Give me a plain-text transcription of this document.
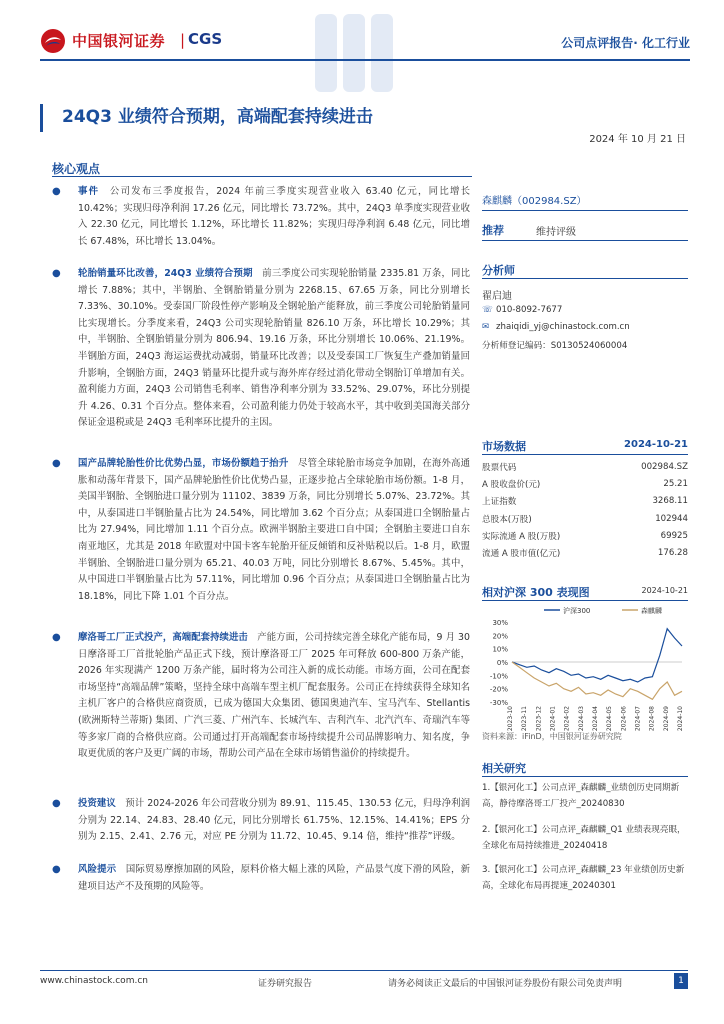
中国银河证券 | CGS	公司点评报告· 化工行业
24Q3 业绩符合预期，高端配套持续进击
2024 年 10 月 21 日
核心观点
●	事件　 公司发布三季度报告，2024 年前三季度实现营业收入 63.40 亿元，同比增长 10.42%；实现归母净利润 17.26 亿元，同比增长 73.72%。其中，24Q3 单季度实现营业收入 22.30 亿元，同比增长 1.12%，环比增长 11.82%；实现归母净利润 6.48 亿元，同比增长 67.48%，环比增长 13.04%。
●	轮胎销量环比改善，24Q3 业绩符合预期　 前三季度公司实现轮胎销量 2335.81 万条，同比增长 7.88%；其中，半钢胎、全钢胎销量分别为 2268.15、67.65 万条，同比分别增长 7.33%、30.10%。受泰国厂阶段性停产影响及全钢轮胎产能释放，前三季度公司轮胎销量同比实现增长。分季度来看，24Q3 公司实现轮胎销量 826.10 万条，环比增长 10.29%；其中，半钢胎、全钢胎销量分别为 806.94、19.16 万条，环比分别增长 10.06%、21.19%。半钢胎方面，24Q3 海运运费扰动减弱，销量环比改善；以及受泰国工厂恢复生产叠加销量回升影响，全钢胎方面，24Q3 销量环比提升或与海外库存经过消化带动全钢胎订单增加有关。盈利能力方面，24Q3 公司销售毛利率、销售净利率分别为 33.52%、29.07%，环比分别提升 4.26、0.31 个百分点。整体来看，公司盈利能力仍处于较高水平，其中收到美国海关部分保证金退税或是 24Q3 毛利率环比提升的主因。
●	国产品牌轮胎性价比优势凸显，市场份额趋于抬升　 尽管全球轮胎市场竞争加剧，在海外高通胀和动荡年背景下，国产品牌轮胎性价比优势凸显，正逐步抢占全球轮胎市场份额。1-8 月，美国半钢胎、全钢胎进口量分别为 11102、3839 万条，同比分别增长 5.07%、23.72%。其中，从泰国进口半钢胎量占比为 24.54%，同比增加 3.62 个百分点；从泰国进口全钢胎量占比为 27.94%，同比增加 1.11 个百分点。欧洲半钢胎主要进口自中国；全钢胎主要进口自东南亚地区，尤其是 2018 年欧盟对中国卡客车轮胎开征反倾销和反补贴税以后。1-8 月，欧盟半钢胎、全钢胎进口量分别为 65.21、40.03 万吨，同比分别增长 8.67%、5.45%。其中，从中国进口半钢胎量占比为 57.11%，同比增加 0.96 个百分点；从泰国进口全钢胎量占比为 18.18%，同比下降 1.01 个百分点。
●	摩洛哥工厂正式投产，高端配套持续进击　 产能方面，公司持续完善全球化产能布局，9 月 30 日摩洛哥工厂首批轮胎产品正式下线，预计摩洛哥工厂 2025 年可释放 600-800 万条产能，2026 年实现满产 1200 万条产能，届时将为公司注入新的成长动能。市场方面，公司在配套市场坚持“高端品牌”策略，坚持全球中高端车型主机厂配套服务。公司正在持续获得全球知名主机厂客户的合格供应商资质，已成为德国大众集团、德国奥迪汽车、宝马汽车、Stellantis (欧洲斯特兰蒂斯) 集团、广汽三菱、广州汽车、长城汽车、吉利汽车、北汽汽车、奇瑞汽车等等多家厂商的合格供应商。公司通过打开高端配套市场持续提升公司品牌影响力、知名度，争取更优质的客户及更广阔的市场，帮助公司产品在全球市场销售溢价的持续提升。
●	投资建议　 预计 2024-2026 年公司营收分别为 89.91、115.45、130.53 亿元，归母净利润分别为 22.14、24.83、28.40 亿元，同比分别增长 61.75%、12.15%、14.41%；EPS 分别为 2.15、2.41、2.76 元，对应 PE 分别为 11.72、10.45、9.14 倍，维持“推荐”评级。
●	风险提示　 国际贸易摩擦加剧的风险，原料价格大幅上涨的风险，产品景气度下滑的风险，新建项目达产不及预期的风险等。
森麒麟（002984.SZ）
推荐	维持评级
分析师
翟启迪
☏ 010-8092-7677
✉ zhaiqidi_yj@chinastock.com.cn
分析师登记编码：S0130524060004
市场数据	2024-10-21
股票代码	002984.SZ
A 股收盘价(元)	25.21
上证指数	3268.11
总股本(万股)	102944
实际流通 A 股(万股)	69925
流通 A 股市值(亿元)	176.28
相对沪深 300 表现图	2024-10-21
30%
20%
10%
0%
-10%
-20%
-30%
2023-10 2023-11 2023-12 2024-01 2024-02 2024-03 2024-04 2024-05 2024-06 2024-07 2024-08 2024-09 2024-10
沪深300	森麒麟
资料来源：iFinD，中国银河证券研究院
相关研究
1.【银河化工】公司点评_森麒麟_业绩创历史同期新高，静待摩洛哥工厂投产_20240830
2.【银河化工】公司点评_森麒麟_Q1 业绩表现亮眼，全球化布局持续推进_20240418
3.【银河化工】公司点评_森麒麟_23 年业绩创历史新高，全球化布局再提速_20240301
www.chinastock.com.cn	证券研究报告	请务必阅读正文最后的中国银河证券股份有限公司免责声明	1
